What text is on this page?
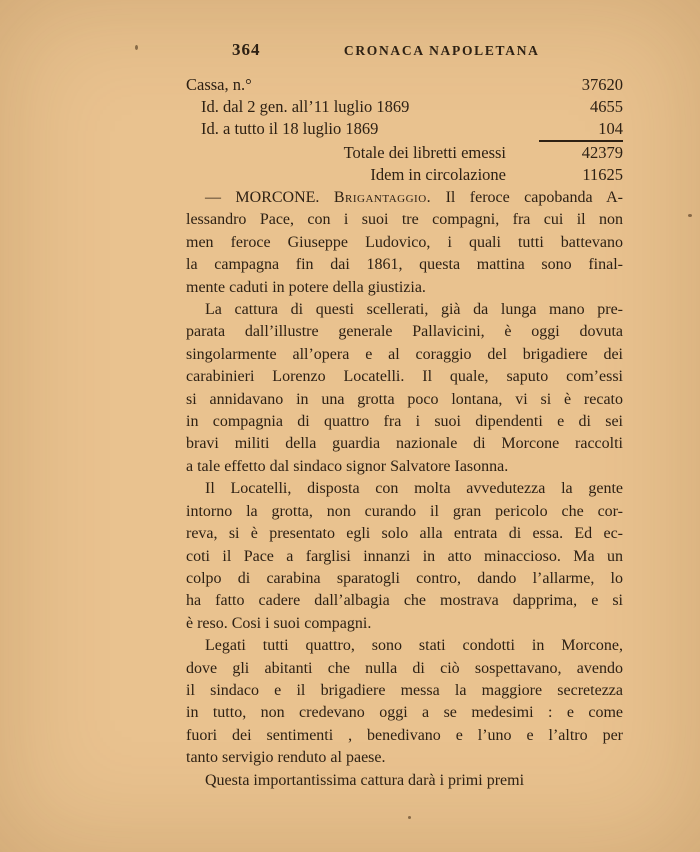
364	CRONACA NAPOLETANA
Cassa, n.°	37620
Id. dal 2 gen. all’11 luglio 1869	4655
Id. a tutto il 18 luglio 1869	104
Totale dei libretti emessi	42379
Idem in circolazione	11625
— MORCONE. Brigantaggio. Il feroce capobanda A-
lessandro Pace, con i suoi tre compagni, fra cui il non
men feroce Giuseppe Ludovico, i quali tutti battevano
la campagna fin dai 1861, questa mattina sono final-
mente caduti in potere della giustizia.
La cattura di questi scellerati, già da lunga mano pre-
parata dall’illustre generale Pallavicini, è oggi dovuta
singolarmente all’opera e al coraggio del brigadiere dei
carabinieri Lorenzo Locatelli. Il quale, saputo com’essi
si annidavano in una grotta poco lontana, vi si è recato
in compagnia di quattro fra i suoi dipendenti e di sei
bravi militi della guardia nazionale di Morcone raccolti
a tale effetto dal sindaco signor Salvatore Iasonna.
Il Locatelli, disposta con molta avvedutezza la gente
intorno la grotta, non curando il gran pericolo che cor-
reva, si è presentato egli solo alla entrata di essa. Ed ec-
coti il Pace a farglisi innanzi in atto minaccioso. Ma un
colpo di carabina sparatogli contro, dando l’allarme, lo
ha fatto cadere dall’albagia che mostrava dapprima, e si
è reso. Cosi i suoi compagni.
Legati tutti quattro, sono stati condotti in Morcone,
dove gli abitanti che nulla di ciò sospettavano, avendo
il sindaco e il brigadiere messa la maggiore secretezza
in tutto, non credevano oggi a se medesimi : e come
fuori dei sentimenti , benedivano e l’uno e l’altro per
tanto servigio renduto al paese.
Questa importantissima cattura darà i primi premi
